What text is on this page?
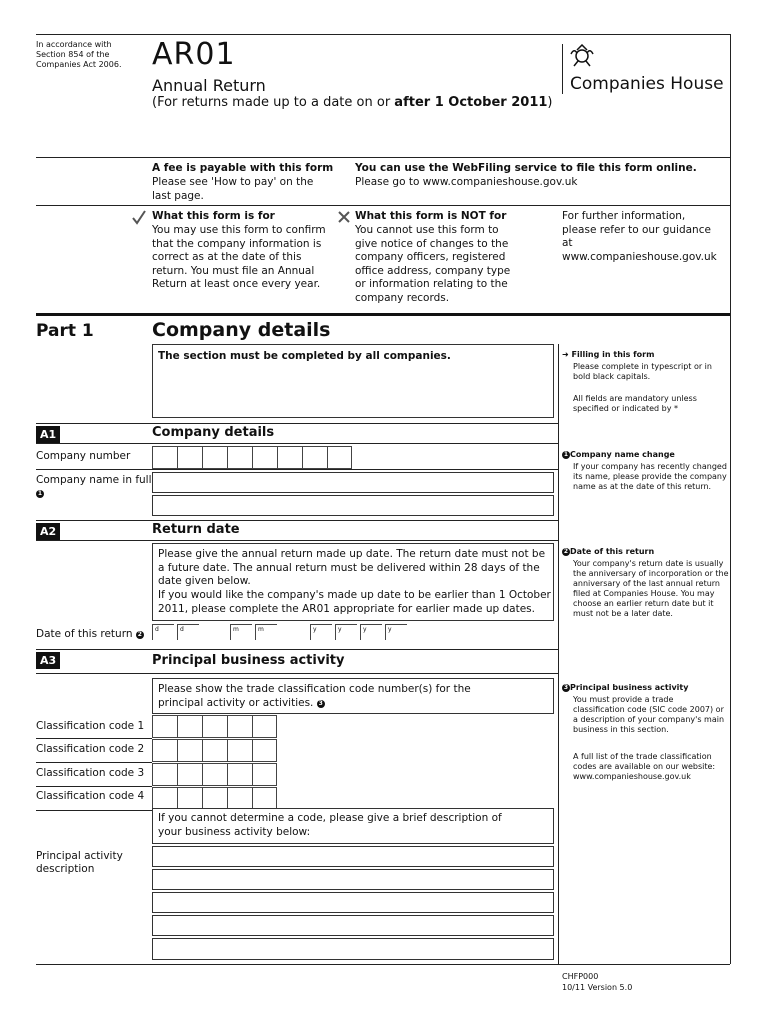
In accordance with Section 854 of the Companies Act 2006. AR01
Annual Return
(For returns made up to a date on or after 1 October 2011)
Companies House
A fee is payable with this form
Please see 'How to pay' on the last page.
You can use the WebFiling service to file this form online.
Please go to www.companieshouse.gov.uk
What this form is for
You may use this form to confirm that the company information is correct as at the date of this return. You must file an Annual Return at least once every year.
What this form is NOT for
You cannot use this form to give notice of changes to the company officers, registered office address, company type or information relating to the company records.
For further information, please refer to our guidance at www.companieshouse.gov.uk
Part 1	Company details
The section must be completed by all companies.	➜ Filling in this form
Please complete in typescript or in bold black capitals.
All fields are mandatory unless specified or indicated by *
A1	Company details
Company number
Company name in full
1
1 Company name change
If your company has recently changed its name, please provide the company name as at the date of this return.
A2	Return date
Please give the annual return made up date. The return date must not be a future date. The annual return must be delivered within 28 days of the date given below.
If you would like the company's made up date to be earlier than 1 October 2011, please complete the AR01 appropriate for earlier made up dates.
Date of this return 2
d	d	m	m	y	y	y	y
2 Date of this return
Your company's return date is usually the anniversary of incorporation or the anniversary of the last annual return filed at Companies House. You may choose an earlier return date but it must not be a later date.
A3	Principal business activity
Please show the trade classification code number(s) for the principal activity or activities. 3
Classification code 1
Classification code 2
Classification code 3
Classification code 4
If you cannot determine a code, please give a brief description of your business activity below:
Principal activity description
3 Principal business activity
You must provide a trade classification code (SIC code 2007) or a description of your company's main business in this section.
A full list of the trade classification codes are available on our website: www.companieshouse.gov.uk
CHFP000
10/11 Version 5.0
